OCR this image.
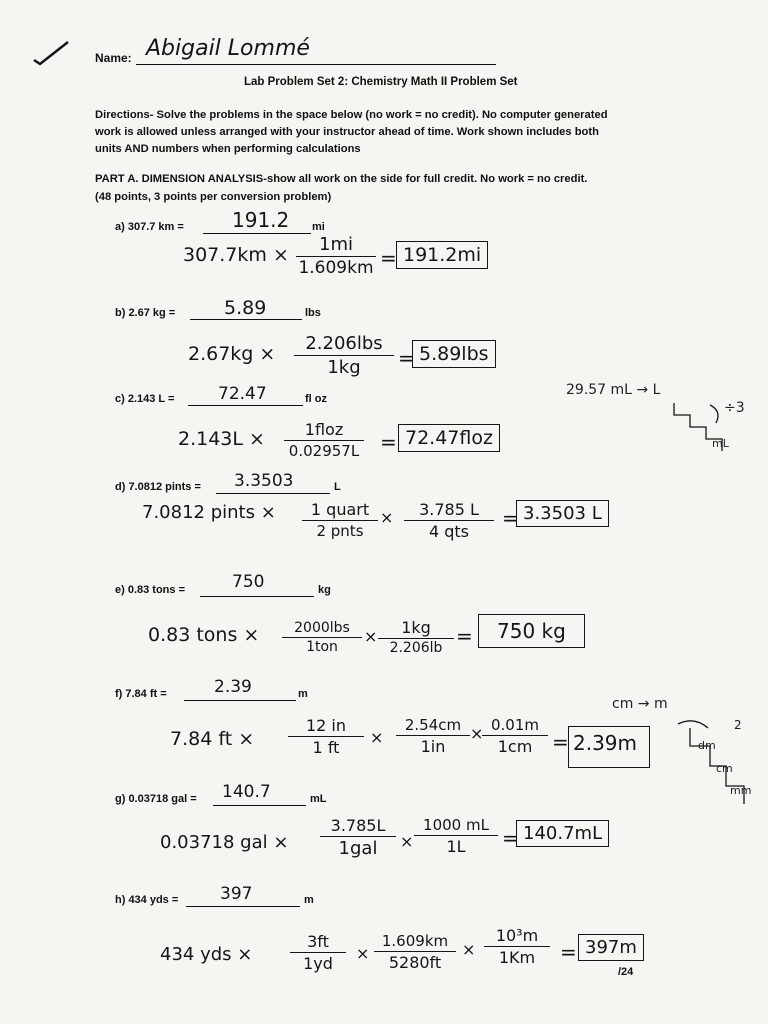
Name: Abigail Lommé
Lab Problem Set 2: Chemistry Math II Problem Set
Directions- Solve the problems in the space below (no work = no credit). No computer generated work is allowed unless arranged with your instructor ahead of time. Work shown includes both units AND numbers when performing calculations
PART A. DIMENSION ANALYSIS-show all work on the side for full credit. No work = no credit.
(48 points, 3 points per conversion problem)
a) 307.7 km = 191.2 mi
307.7km ×	1mi
1.609km = 191.2mi
b) 2.67 kg =	5.89	lbs
2.67kg ×	2.206lbs
1kg	= 5.89lbs
c) 2.143 L =	72.47	fl oz
2.143L ×	1floz
0.02957L = 72.47floz
29.57 mL → L
÷3
mL
d) 7.0812 pints = 3.3503	L
7.0812 pints ×	1 quart
2 pnts
×	3.785 L
4 qts
= 3.3503 L
e) 0.83 tons =	750	kg
0.83 tons ×	2000lbs
1ton
×	1kg
2.206lb =	750 kg
f) 7.84 ft =	2.39	m
7.84 ft ×
12 in
1 ft
×
2.54cm
1in
× 0.01m
1cm = 2.39m
cm → m
2
dm
cm
mm
g) 0.03718 gal = 140.7	mL
0.03718 gal ×
3.785L
1gal	×
1000 mL
1L	= 140.7mL
h) 434 yds = 397	m
434 yds ×
3ft
1yd
×
1.609km
5280ft
×
10³m
1Km	= 397m
/24
